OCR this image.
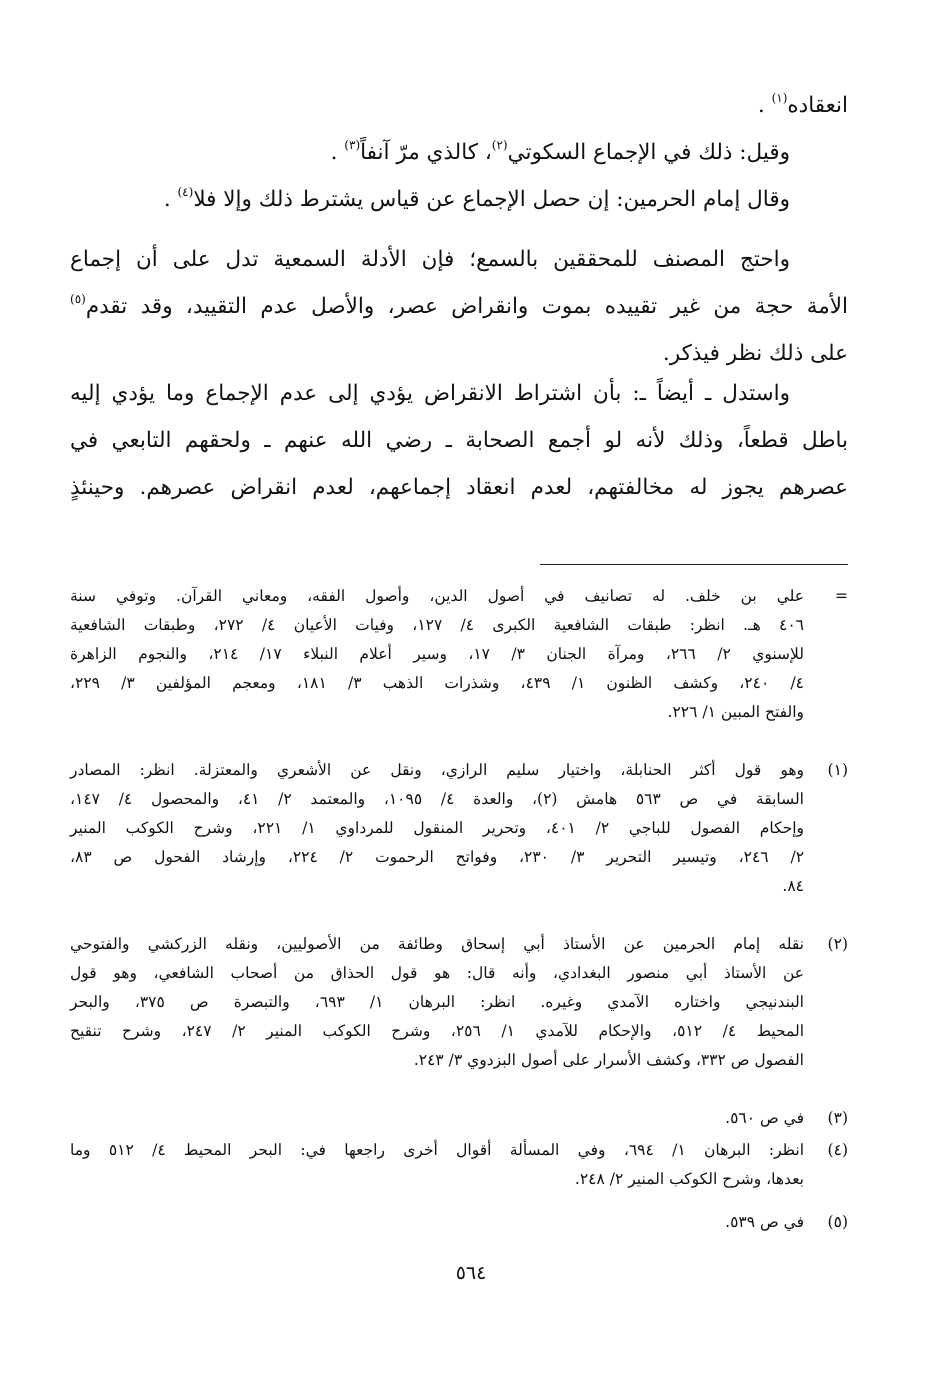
انعقاده$^{(١)}$ .
وقيل: ذلك في الإجماع السكوتي$^{(٢)}$، كالذي مرّ آنفاً$^{(٣)}$ .
وقال إمام الحرمين: إن حصل الإجماع عن قياس يشترط ذلك وإلا فلا$^{(٤)}$ .
واحتج المصنف للمحققين بالسمع؛ فإن الأدلة السمعية تدل على أن إجماع
الأمة حجة من غير تقييده بموت وانقراض عصر، والأصل عدم التقييد، وقد تقدم$^{(٥)}$
على ذلك نظر فيذكر.
واستدل ـ أيضاً ـ: بأن اشتراط الانقراض يؤدي إلى عدم الإجماع وما يؤدي إليه
باطل قطعاً، وذلك لأنه لو أجمع الصحابة ـ رضي الله عنهم ـ ولحقهم التابعي في
عصرهم يجوز له مخالفتهم، لعدم انعقاد إجماعهم، لعدم انقراض عصرهم. وحينئذٍ
=
علي بن خلف. له تصانيف في أصول الدين، وأصول الفقه، ومعاني القرآن. وتوفي سنة
٤٠٦ هـ. انظر: طبقات الشافعية الكبرى ٤/ ١٢٧، وفيات الأعيان ٤/ ٢٧٢، وطبقات الشافعية
للإسنوي ٢/ ٢٦٦، ومرآة الجنان ٣/ ١٧، وسير أعلام النبلاء ١٧/ ٢١٤، والنجوم الزاهرة
٤/ ٢٤٠، وكشف الظنون ١/ ٤٣٩، وشذرات الذهب ٣/ ١٨١، ومعجم المؤلفين ٣/ ٢٢٩،
والفتح المبين ١/ ٢٢٦.
(١)
وهو قول أكثر الحنابلة، واختيار سليم الرازي، ونقل عن الأشعري والمعتزلة. انظر: المصادر
السابقة في ص ٥٦٣ هامش (٢)، والعدة ٤/ ١٠٩٥، والمعتمد ٢/ ٤١، والمحصول ٤/ ١٤٧،
وإحكام الفصول للباجي ٢/ ٤٠١، وتحرير المنقول للمرداوي ١/ ٢٢١، وشرح الكوكب المنير
٢/ ٢٤٦، وتيسير التحرير ٣/ ٢٣٠، وفواتح الرحموت ٢/ ٢٢٤، وإرشاد الفحول ص ٨٣،
٨٤.
(٢)
نقله إمام الحرمين عن الأستاذ أبي إسحاق وطائفة من الأصوليين، ونقله الزركشي والفتوحي
عن الأستاذ أبي منصور البغدادي، وأنه قال: هو قول الحذاق من أصحاب الشافعي، وهو قول
البندنيجي واختاره الآمدي وغيره. انظر: البرهان ١/ ٦٩٣، والتبصرة ص ٣٧٥، والبحر
المحيط ٤/ ٥١٢، والإحكام للآمدي ١/ ٢٥٦، وشرح الكوكب المنير ٢/ ٢٤٧، وشرح تنقيح
الفصول ص ٣٣٢، وكشف الأسرار على أصول البزدوي ٣/ ٢٤٣.
(٣)
في ص ٥٦٠.
(٤)
انظر: البرهان ١/ ٦٩٤، وفي المسألة أقوال أخرى راجعها في: البحر المحيط ٤/ ٥١٢ وما
بعدها، وشرح الكوكب المنير ٢/ ٢٤٨.
(٥)
في ص ٥٣٩.
٥٦٤
